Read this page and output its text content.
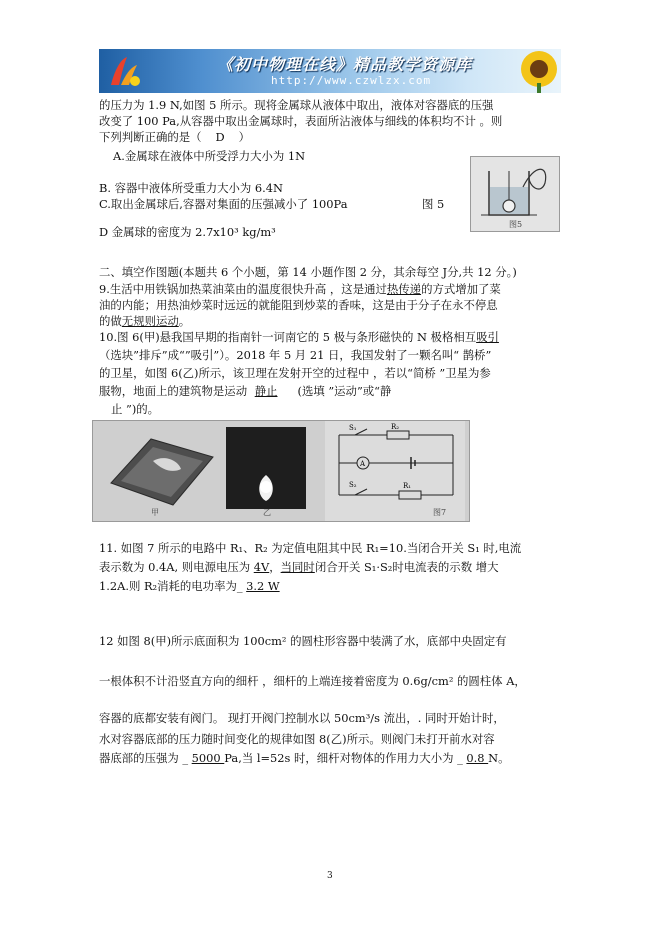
《初中物理在线》精品教学资源库
http://www.czwlzx.com
的压力为 1.9 N,如图 5 所示。现将金属球从液体中取出，液体对容器底的压强
改变了 100 Pa,从容器中取出金属球时，表面所沾液体与细线的体积均不计 。则
下列判断正确的是（ D ）
A.金属球在液体中所受浮力大小为 1N
B. 容器中液体所受重力大小为 6.4N
C.取出金属球后,容器对集面的压强减小了 100Pa	图 5
D 金属球的密度为 2.7x10³ kg/m³
图5
二、填空作图题(本题共 6 个小题，第 14 小题作图 2 分，其余每空 J分,共 12 分。)
9.生活中用铁锅加热菜油菜由的温度很快升高 ，这是通过热传递的方式增加了菜
油的内能；用热油炒菜时远远的就能阻到炒菜的香味，这是由于分子在永不停息
的做无规则运动。
10.图 6(甲)悬我国早期的指南针一诃南它的 5 极与条形磁快的 N 极格相互吸引
（选块”排斥”成“”吸引”）。2018 年 5 月 21 日，我国发射了一颗名叫“ 鹊桥”
的卫星，如图 6(乙)所示，该卫理在发射开空的过程中 ，若以“简桥 ”卫星为参
服物，地面上的建筑物是运动 静止 (选填 ”运动”或“静
止 ”)的。
甲	乙
S₁	R₂
A
S₂	R₁
图7
11. 如图 7 所示的电路中 R₁、R₂ 为定值电阻其中民 R₁=10.当闭合开关 S₁ 时,电流
表示数为 0.4A, 则电源电压为 4V，当同时闭合开关 S₁·S₂时电流表的示数 增大
1.2A.则 R₂消耗的电功率为_ 3.2 W
12 如图 8(甲)所示底面积为 100cm² 的圆柱形容器中装满了水，底部中央固定有
一根体积不计沿竖直方向的细杆 ，细杆的上端连接着密度为 0.6g/cm² 的圆柱体 A，
容器的底都安装有阀门。 现打开阀门控制水以 50cm³/s 流出，. 同时开始计时，
水对容器底部的压力随时间变化的规律如图 8(乙)所示。则阀门未打开前水对容
器底部的压强为 _ 5000 Pa,当 l=52s 时，细杆对物体的作用力大小为 _ 0.8 N。
3
